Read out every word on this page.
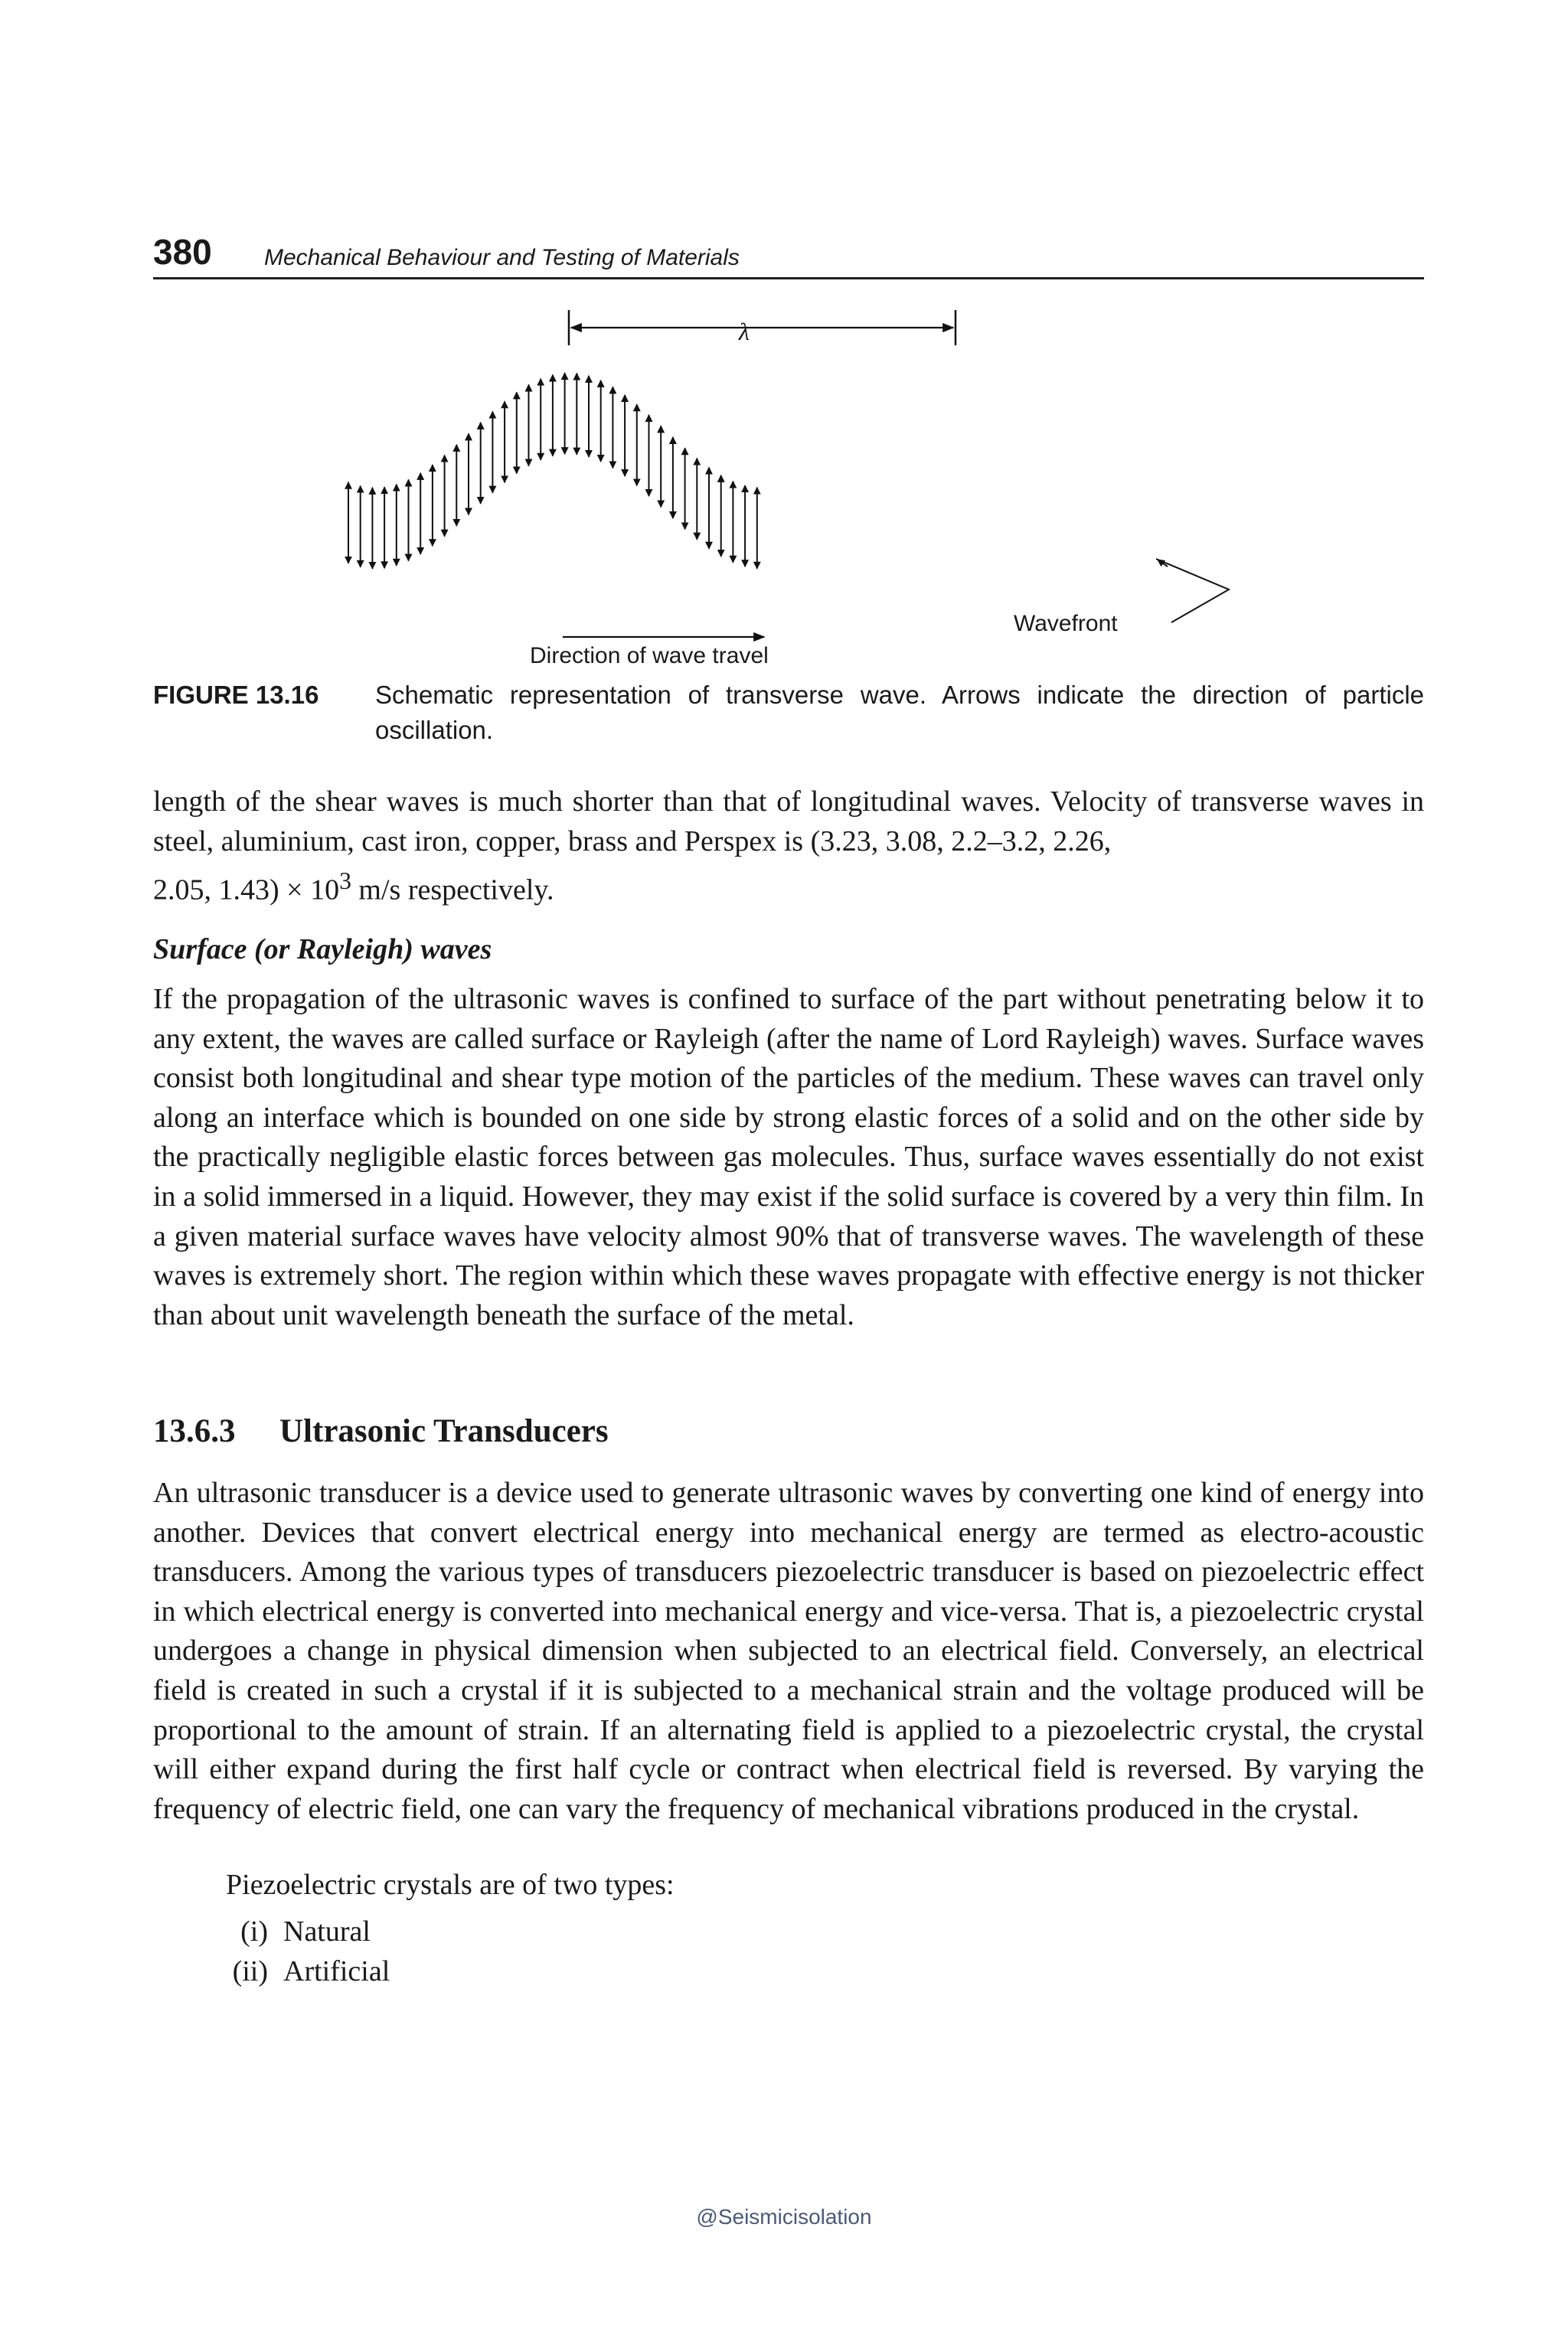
380 Mechanical Behaviour and Testing of Materials
λ
Wavefront
Direction of wave travel
FIGURE 13.16 Schematic representation of transverse wave. Arrows indicate the direction of particle oscillation.
length of the shear waves is much shorter than that of longitudinal waves. Velocity of transverse waves in steel, aluminium, cast iron, copper, brass and Perspex is (3.23, 3.08, 2.2–3.2, 2.26,
2.05, $1.43) \times 10^3$ m/s respectively.
Surface (or Rayleigh) waves
If the propagation of the ultrasonic waves is confined to surface of the part without penetrating below it to any extent, the waves are called surface or Rayleigh (after the name of Lord Rayleigh) waves. Surface waves consist both longitudinal and shear type motion of the particles of the medium. These waves can travel only along an interface which is bounded on one side by strong elastic forces of a solid and on the other side by the practically negligible elastic forces between gas molecules. Thus, surface waves essentially do not exist in a solid immersed in a liquid. However, they may exist if the solid surface is covered by a very thin film. In a given material surface waves have velocity almost 90% that of transverse waves. The wavelength of these waves is extremely short. The region within which these waves propagate with effective energy is not thicker than about unit wavelength beneath the surface of the metal.
13.6.3 Ultrasonic Transducers
An ultrasonic transducer is a device used to generate ultrasonic waves by converting one kind of energy into another. Devices that convert electrical energy into mechanical energy are termed as electro-acoustic transducers. Among the various types of transducers piezoelectric transducer is based on piezoelectric effect in which electrical energy is converted into mechanical energy and vice-versa. That is, a piezoelectric crystal undergoes a change in physical dimension when subjected to an electrical field. Conversely, an electrical field is created in such a crystal if it is subjected to a mechanical strain and the voltage produced will be proportional to the amount of strain. If an alternating field is applied to a piezoelectric crystal, the crystal will either expand during the first half cycle or contract when electrical field is reversed. By varying the frequency of electric field, one can vary the frequency of mechanical vibrations produced in the crystal.
Piezoelectric crystals are of two types:
(i) Natural
(ii) Artificial
@Seismicisolation
